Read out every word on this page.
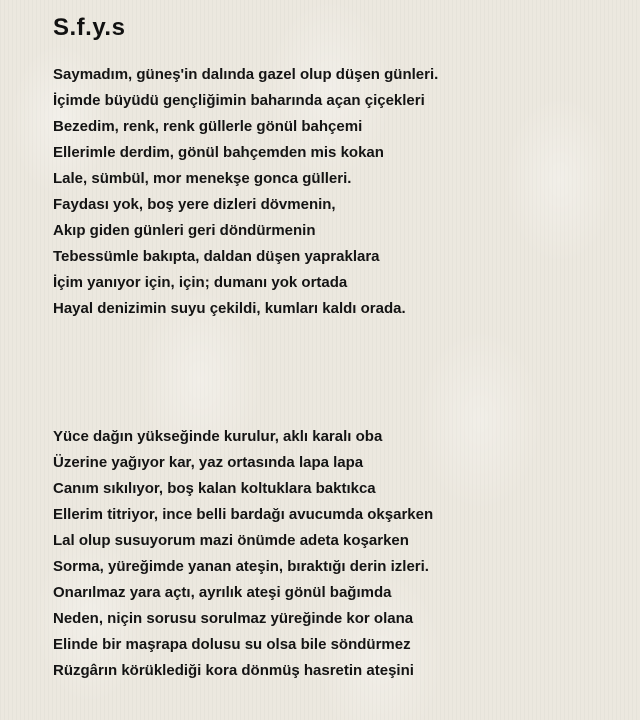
S.f.y.s
Saymadım, güneş'in dalında gazel olup düşen günleri.
İçimde büyüdü gençliğimin baharında açan çiçekleri
Bezedim, renk, renk güllerle gönül bahçemi
Ellerimle derdim, gönül bahçemden mis kokan
Lale, sümbül, mor menekşe gonca gülleri.
Faydası yok, boş yere dizleri dövmenin,
Akıp giden günleri geri döndürmenin
Tebessümle bakıpta, daldan düşen yapraklara
İçim yanıyor için, için; dumanı yok ortada
Hayal denizimin suyu çekildi, kumları kaldı orada.
Yüce dağın yükseğinde kurulur, aklı karalı oba
Üzerine yağıyor kar, yaz ortasında lapa lapa
Canım sıkılıyor, boş kalan koltuklara baktıkca
Ellerim titriyor, ince belli bardağı avucumda okşarken
Lal olup susuyorum mazi önümde adeta koşarken
Sorma, yüreğimde yanan ateşin, bıraktığı derin izleri.
Onarılmaz yara açtı, ayrılık ateşi gönül bağımda
Neden, niçin sorusu sorulmaz yüreğinde kor olana
Elinde bir maşrapa dolusu su olsa bile söndürmez
Rüzgârın körüklediği kora dönmüş hasretin ateşini
